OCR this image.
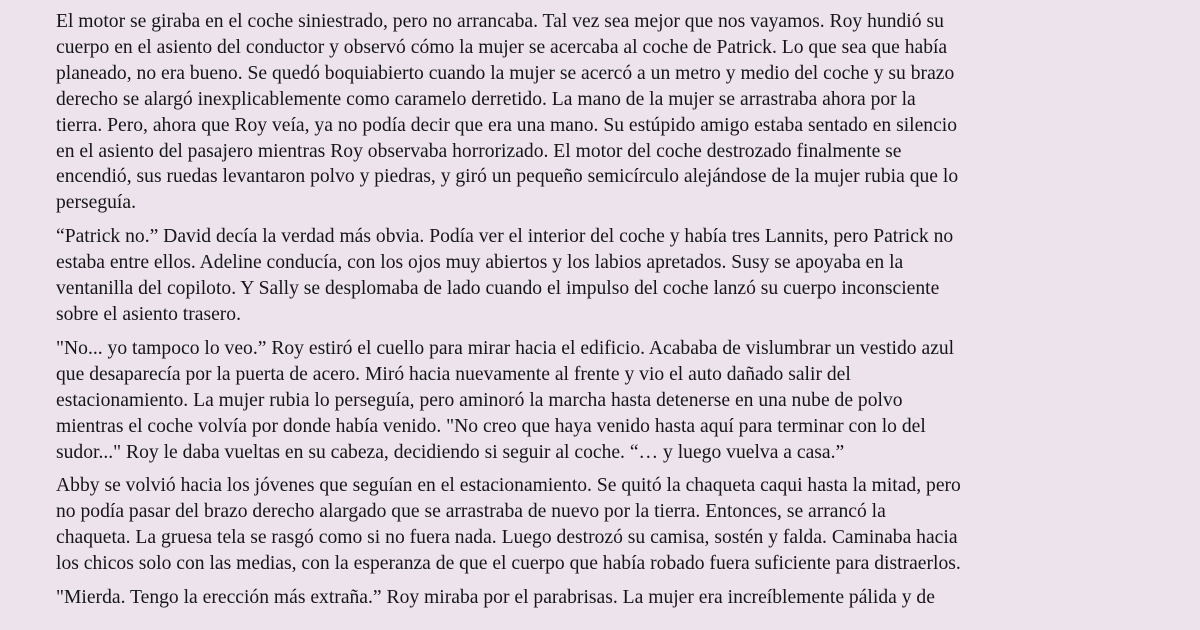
El motor se giraba en el coche siniestrado, pero no arrancaba. Tal vez sea mejor que nos vayamos. Roy hundió su
cuerpo en el asiento del conductor y observó cómo la mujer se acercaba al coche de Patrick. Lo que sea que había
planeado, no era bueno. Se quedó boquiabierto cuando la mujer se acercó a un metro y medio del coche y su brazo
derecho se alargó inexplicablemente como caramelo derretido. La mano de la mujer se arrastraba ahora por la
tierra. Pero, ahora que Roy veía, ya no podía decir que era una mano. Su estúpido amigo estaba sentado en silencio
en el asiento del pasajero mientras Roy observaba horrorizado. El motor del coche destrozado finalmente se
encendió, sus ruedas levantaron polvo y piedras, y giró un pequeño semicírculo alejándose de la mujer rubia que lo
perseguía.
“Patrick no.” David decía la verdad más obvia. Podía ver el interior del coche y había tres Lannits, pero Patrick no
estaba entre ellos. Adeline conducía, con los ojos muy abiertos y los labios apretados. Susy se apoyaba en la
ventanilla del copiloto. Y Sally se desplomaba de lado cuando el impulso del coche lanzó su cuerpo inconsciente
sobre el asiento trasero.
"No... yo tampoco lo veo.” Roy estiró el cuello para mirar hacia el edificio. Acababa de vislumbrar un vestido azul
que desaparecía por la puerta de acero. Miró hacia nuevamente al frente y vio el auto dañado salir del
estacionamiento. La mujer rubia lo perseguía, pero aminoró la marcha hasta detenerse en una nube de polvo
mientras el coche volvía por donde había venido. "No creo que haya venido hasta aquí para terminar con lo del
sudor..." Roy le daba vueltas en su cabeza, decidiendo si seguir al coche. “… y luego vuelva a casa.”
Abby se volvió hacia los jóvenes que seguían en el estacionamiento. Se quitó la chaqueta caqui hasta la mitad, pero
no podía pasar del brazo derecho alargado que se arrastraba de nuevo por la tierra. Entonces, se arrancó la
chaqueta. La gruesa tela se rasgó como si no fuera nada. Luego destrozó su camisa, sostén y falda. Caminaba hacia
los chicos solo con las medias, con la esperanza de que el cuerpo que había robado fuera suficiente para distraerlos.
"Mierda. Tengo la erección más extraña.” Roy miraba por el parabrisas. La mujer era increíblemente pálida y de
